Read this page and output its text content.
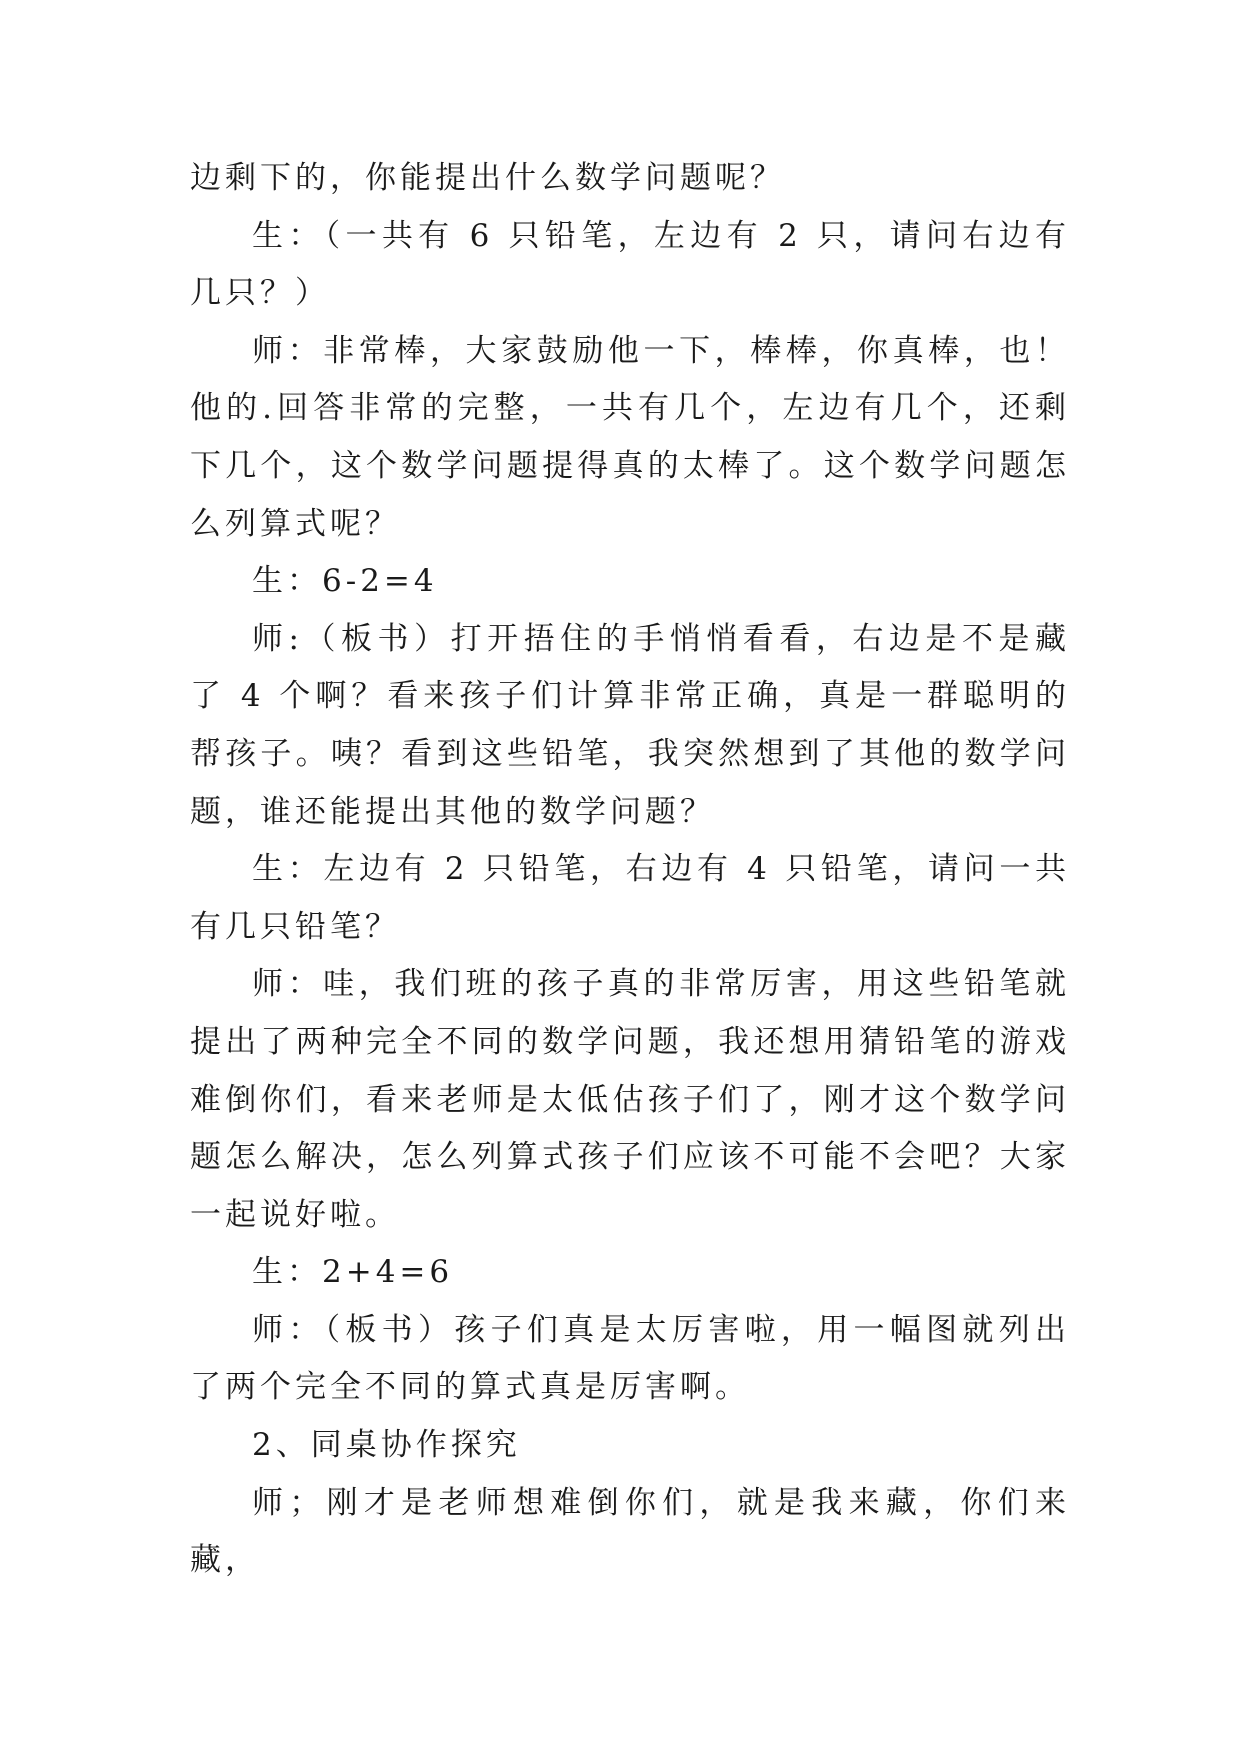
边剩下的，你能提出什么数学问题呢？

生：（一共有 6 只铅笔，左边有 2 只，请问右边有几只？）

师：非常棒，大家鼓励他一下，棒棒，你真棒，也！他的.回答非常的完整，一共有几个，左边有几个，还剩下几个，这个数学问题提得真的太棒了。这个数学问题怎么列算式呢？

生：6-2=4

师:（板书）打开捂住的手悄悄看看，右边是不是藏了 4 个啊？看来孩子们计算非常正确，真是一群聪明的帮孩子。咦？看到这些铅笔，我突然想到了其他的数学问题，谁还能提出其他的数学问题？

生：左边有 2 只铅笔，右边有 4 只铅笔，请问一共有几只铅笔？

师：哇，我们班的孩子真的非常厉害，用这些铅笔就提出了两种完全不同的数学问题，我还想用猜铅笔的游戏难倒你们，看来老师是太低估孩子们了，刚才这个数学问题怎么解决，怎么列算式孩子们应该不可能不会吧？大家一起说好啦。

生：2+4=6

师：（板书）孩子们真是太厉害啦，用一幅图就列出了两个完全不同的算式真是厉害啊。

2、同桌协作探究

师；刚才是老师想难倒你们，就是我来藏，你们来藏，
